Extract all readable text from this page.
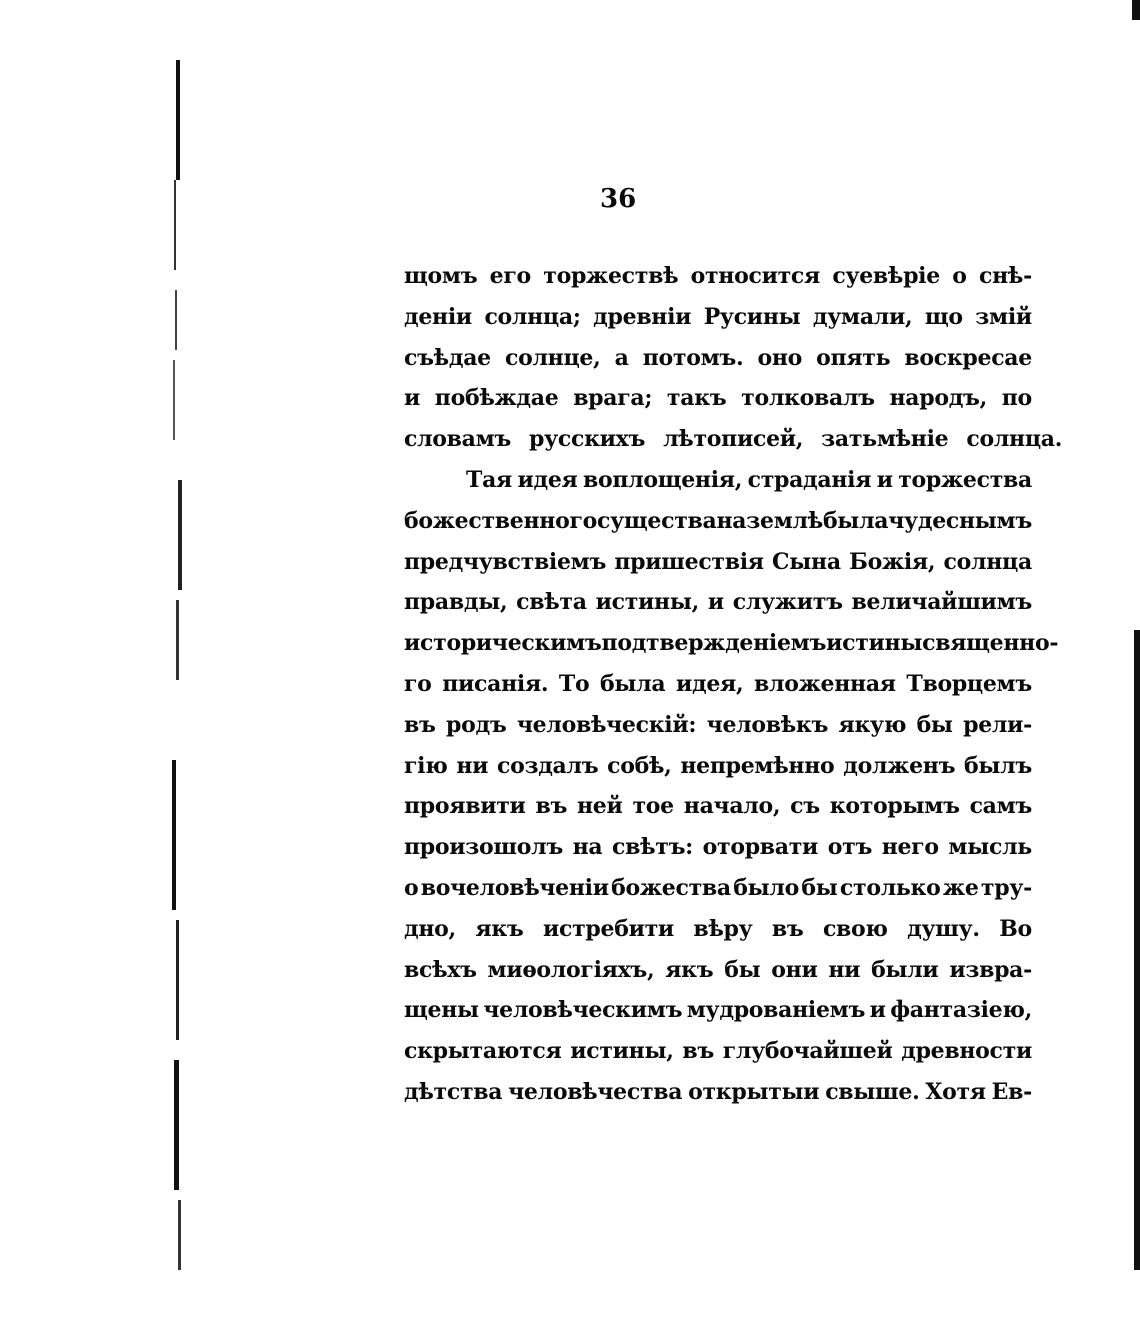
36
щомъ его торжествѣ относится суевѣріе о снѣ-
деніи солнца; древніи Русины думали, що змій
съѣдае солнце, а потомъ. оно опять воскресае
и побѣждае врага; такъ толковалъ народъ, по
словамъ русскихъ лѣтописей, затьмѣніе солнца.
Тая идея воплощенія, страданія и торжества
божественного существа на землѣ была чудеснымъ
предчувствіемъ пришествія Сына Божія, солнца
правды, свѣта истины, и служитъ величайшимъ
историческимъ подтвержденіемъ истины священно-
го писанія. То была идея, вложенная Творцемъ
въ родъ человѣческій: человѣкъ якую бы рели-
гію ни создалъ собѣ, непремѣнно долженъ былъ
проявити въ ней тое начало, съ которымъ самъ
произошолъ на свѣтъ: оторвати отъ него мысль
о вочеловѣченіи божества было бы столько же тру-
дно, якъ истребити вѣру въ свою душу. Во
всѣхъ миѳологіяхъ, якъ бы они ни были извра-
щены человѣческимъ мудрованіемъ и фантазіею,
скрытаются истины, въ глубочайшей древности
дѣтства человѣчества открытыи свыше. Хотя Ев-
